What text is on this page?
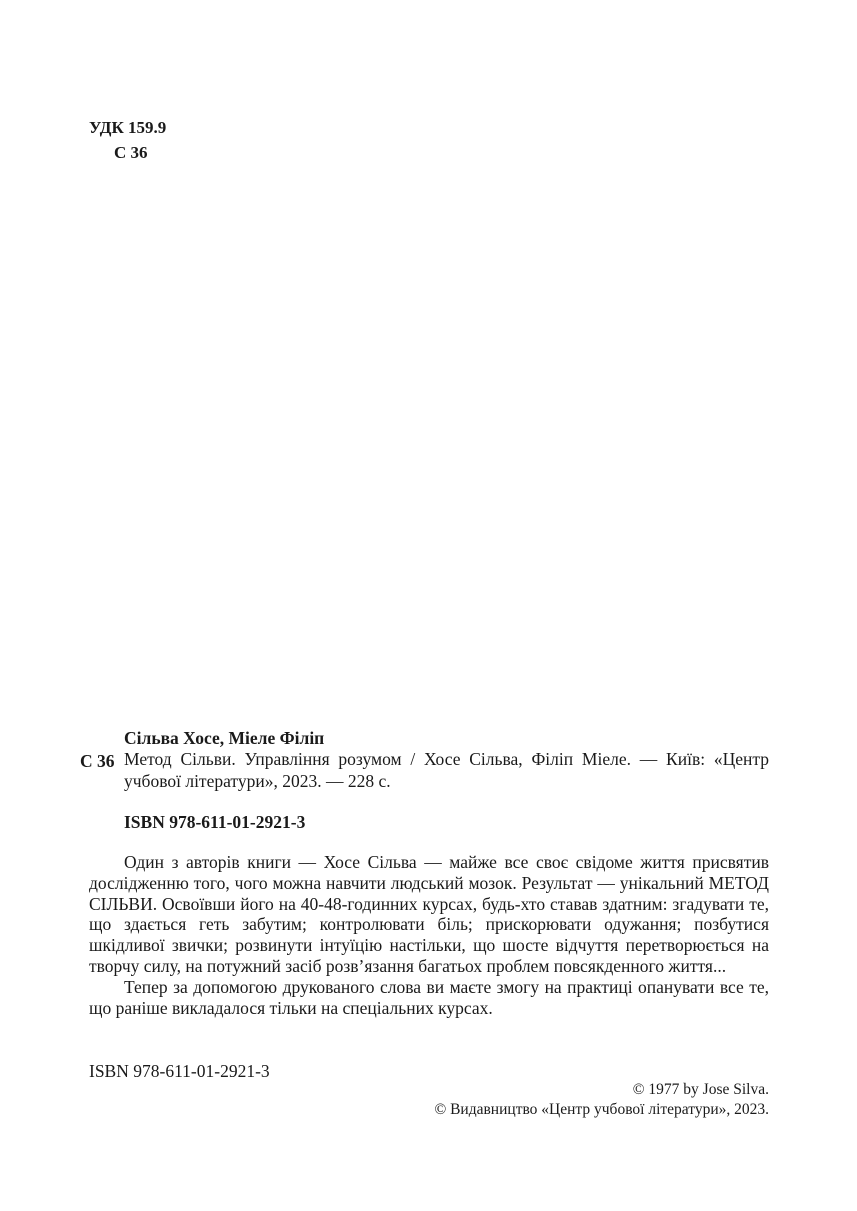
УДК 159.9
С 36
С 36
Сільва Хосе, Міеле Філіп
Метод Сільви. Управління розумом / Хосе Сільва, Філіп Міеле. — Київ: «Центр учбової літератури», 2023. — 228 с.
ISBN 978-611-01-2921-3

Один з авторів книги — Хосе Сільва — майже все своє свідоме життя присвятив дослідженню того, чого можна навчити людський мозок. Результат — унікальний МЕТОД СІЛЬВИ. Освоївши його на 40-48-годинних курсах, будь-хто ставав здатним: згадувати те, що здається геть забутим; контролювати біль; прискорювати одужання; позбутися шкідливої звички; розвинути інтуїцію настільки, що шосте відчуття перетворюється на творчу силу, на потужний засіб розв’язання багатьох проблем повсякденного життя...

Тепер за допомогою друкованого слова ви маєте змогу на практиці опанувати все те, що раніше викладалося тільки на спеціальних курсах.

ISBN 978-611-01-2921-3
© 1977 by Jose Silva.
© Видавництво «Центр учбової літератури», 2023.
